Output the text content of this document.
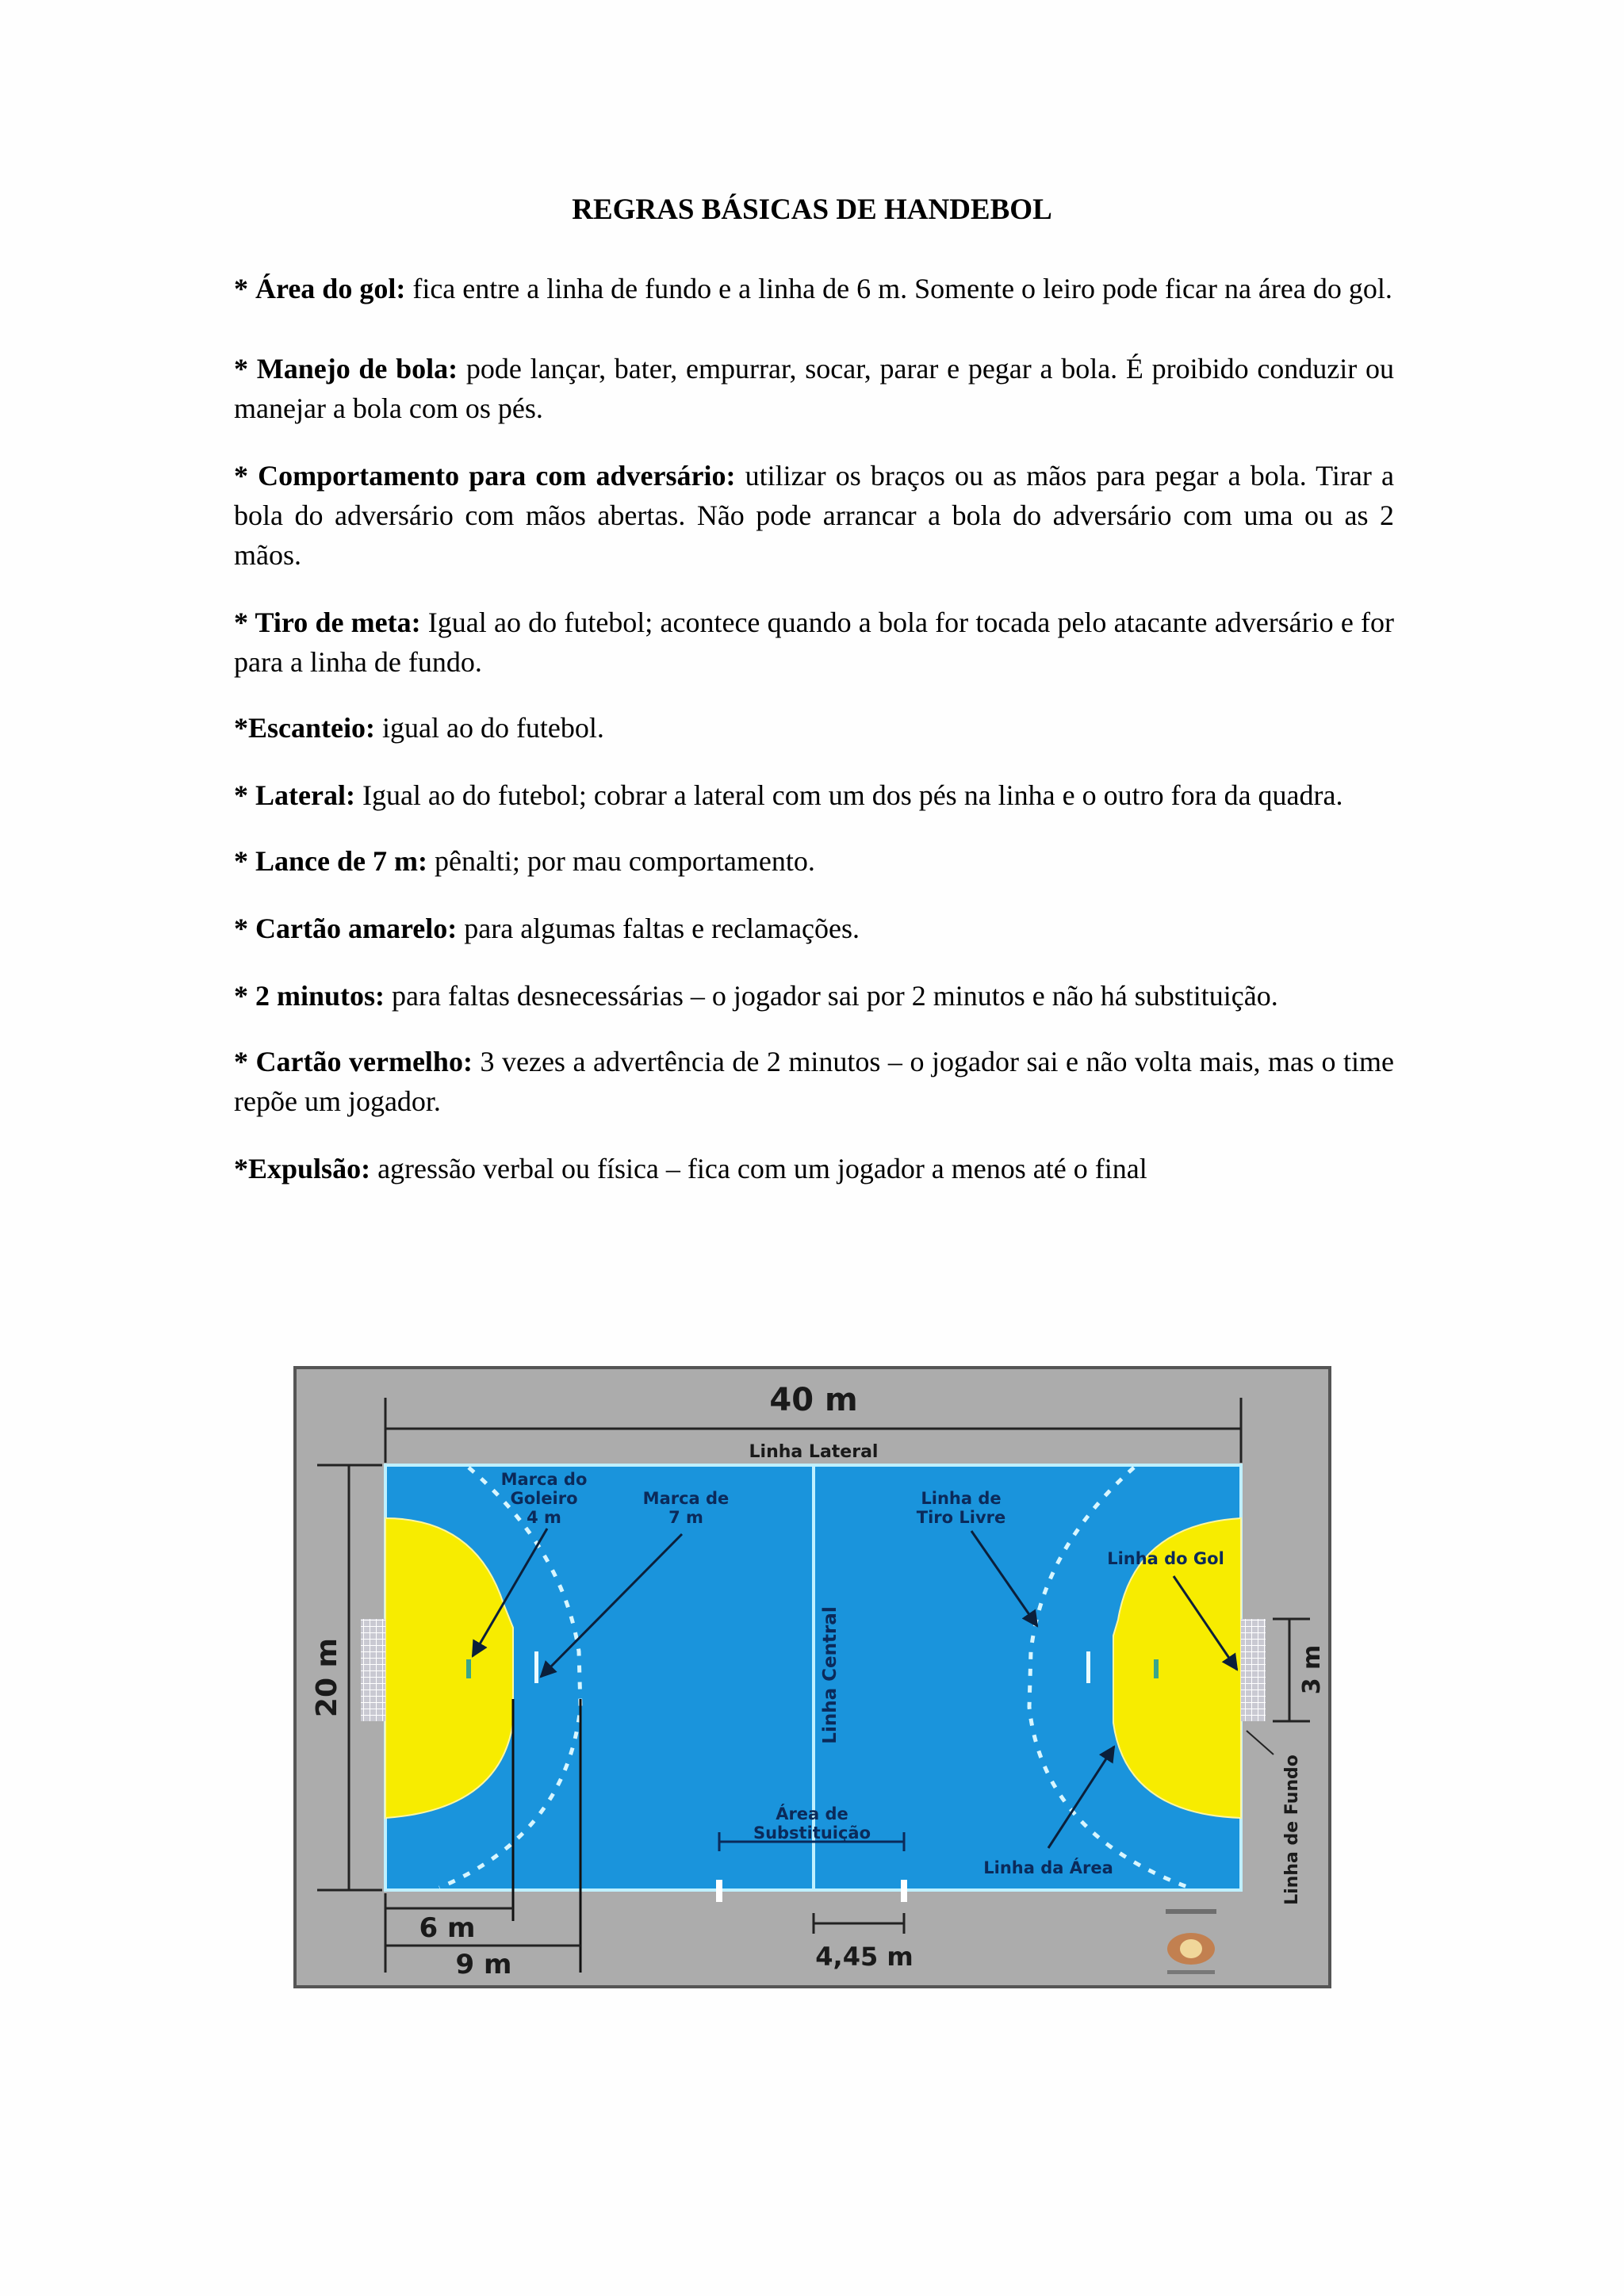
REGRAS BÁSICAS DE HANDEBOL

* Área do gol: fica entre a linha de fundo e a linha de 6 m. Somente o leiro pode ficar na área do gol.

* Manejo de bola: pode lançar, bater, empurrar, socar, parar e pegar a bola. É proibido conduzir ou manejar a bola com os pés.

* Comportamento para com adversário: utilizar os braços ou as mãos para pegar a bola. Tirar a bola do adversário com mãos abertas. Não pode arrancar a bola do adversário com uma ou as 2 mãos.

* Tiro de meta: Igual ao do futebol; acontece quando a bola for tocada pelo atacante adversário e for para a linha de fundo.

*Escanteio: igual ao do futebol.

* Lateral: Igual ao do futebol; cobrar a lateral com um dos pés na linha e o outro fora da quadra.

* Lance de 7 m: pênalti; por mau comportamento.

* Cartão amarelo: para algumas faltas e reclamações.

* 2 minutos: para faltas desnecessárias – o jogador sai por 2 minutos e não há substituição.

* Cartão vermelho: 3 vezes a advertência de 2 minutos – o jogador sai e não volta mais, mas o time repõe um jogador.

*Expulsão: agressão verbal ou física – fica com um jogador a menos até o final

40 m
Linha Lateral
20 m
Marca do
Goleiro
4 m
Marca de
7 m
Linha Central
Linha de
Tiro Livre
Linha do Gol
Linha da Área
Área de
Substituição
6 m
9 m	4,45 m
3 m
Linha de Fundo
